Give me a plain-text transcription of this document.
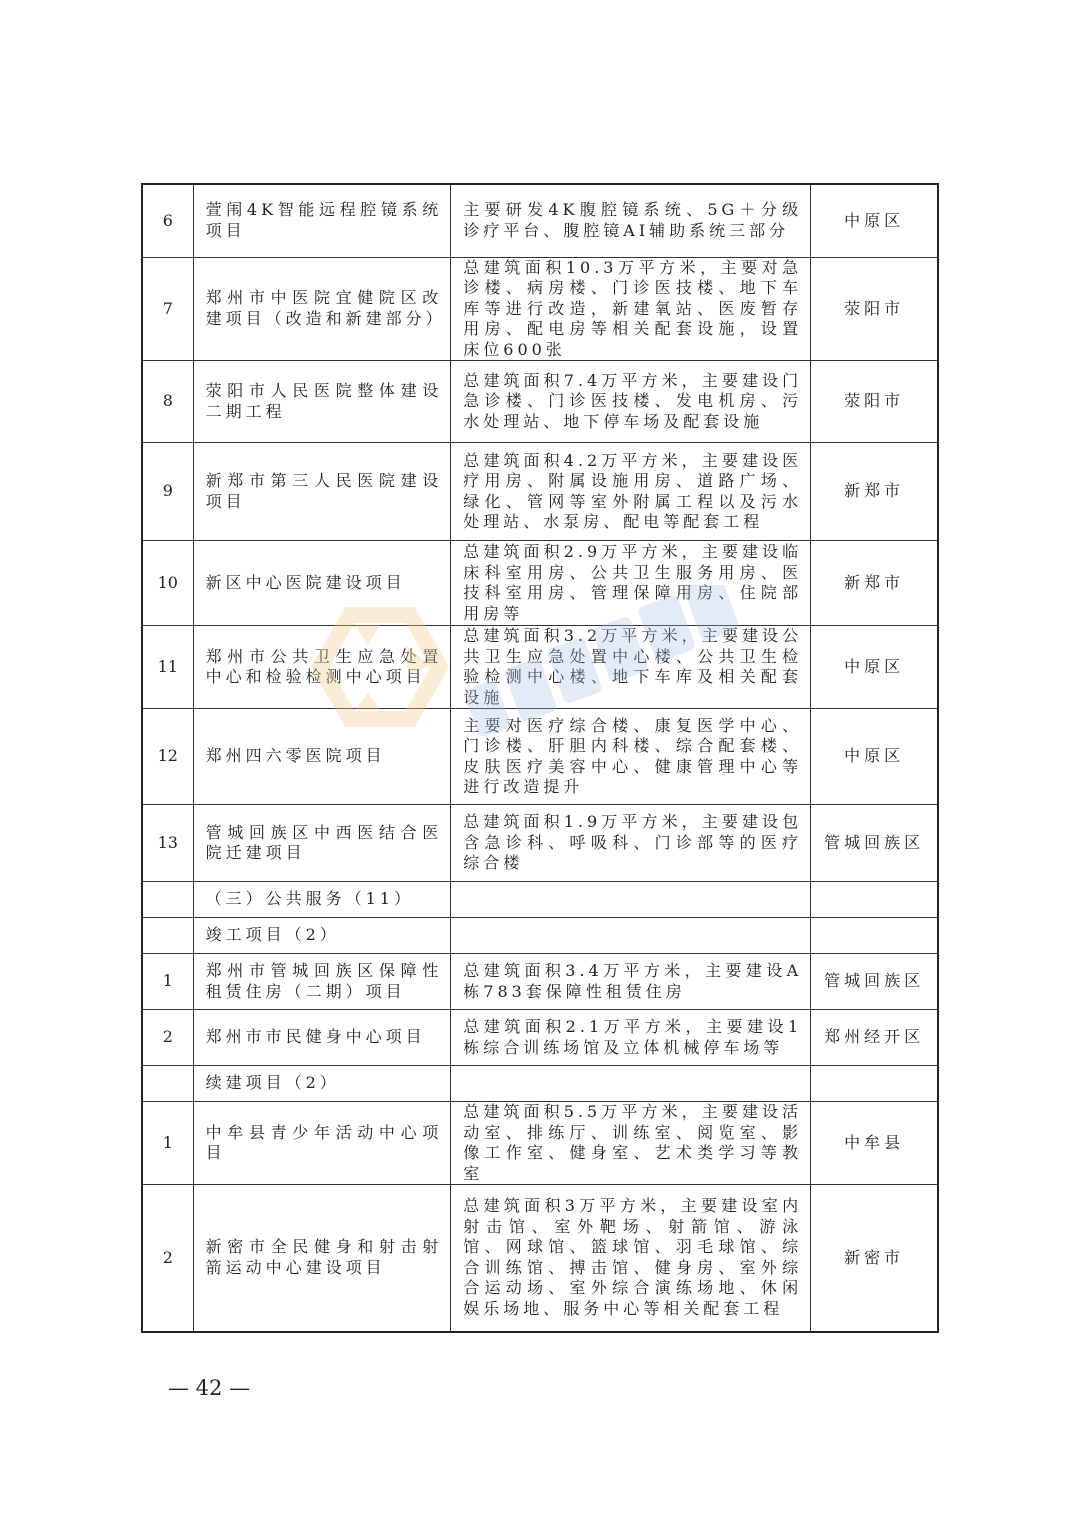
6	萱闱4K智能远程腔镜系统项目	主要研发4K腹腔镜系统、5G＋分级诊疗平台、腹腔镜AI辅助系统三部分	中原区
7	郑州市中医院宜健院区改建项目（改造和新建部分）	总建筑面积10.3万平方米，主要对急诊楼、病房楼、门诊医技楼、地下车库等进行改造，新建氧站、医废暂存用房、配电房等相关配套设施，设置床位600张	荥阳市
8	荥阳市人民医院整体建设二期工程	总建筑面积7.4万平方米，主要建设门急诊楼、门诊医技楼、发电机房、污水处理站、地下停车场及配套设施	荥阳市
9	新郑市第三人民医院建设项目	总建筑面积4.2万平方米，主要建设医疗用房、附属设施用房、道路广场、绿化、管网等室外附属工程以及污水处理站、水泵房、配电等配套工程	新郑市
10	新区中心医院建设项目	总建筑面积2.9万平方米，主要建设临床科室用房、公共卫生服务用房、医技科室用房、管理保障用房、住院部用房等	新郑市
11	郑州市公共卫生应急处置中心和检验检测中心项目	总建筑面积3.2万平方米，主要建设公共卫生应急处置中心楼、公共卫生检验检测中心楼、地下车库及相关配套设施	中原区
12	郑州四六零医院项目	主要对医疗综合楼、康复医学中心、门诊楼、肝胆内科楼、综合配套楼、皮肤医疗美容中心、健康管理中心等进行改造提升	中原区
13	管城回族区中西医结合医院迁建项目	总建筑面积1.9万平方米，主要建设包含急诊科、呼吸科、门诊部等的医疗综合楼	管城回族区
	（三）公共服务（11）		
	竣工项目（2）		
1	郑州市管城回族区保障性租赁住房（二期）项目	总建筑面积3.4万平方米，主要建设A栋783套保障性租赁住房	管城回族区
2	郑州市市民健身中心项目	总建筑面积2.1万平方米，主要建设1栋综合训练场馆及立体机械停车场等	郑州经开区
	续建项目（2）		
1	中牟县青少年活动中心项目	总建筑面积5.5万平方米，主要建设活动室、排练厅、训练室、阅览室、影像工作室、健身室、艺术类学习等教室	中牟县
2	新密市全民健身和射击射箭运动中心建设项目	总建筑面积3万平方米，主要建设室内射击馆、室外靶场、射箭馆、游泳馆、网球馆、篮球馆、羽毛球馆、综合训练馆、搏击馆、健身房、室外综合运动场、室外综合演练场地、休闲娱乐场地、服务中心等相关配套工程	新密市
— 42 —
